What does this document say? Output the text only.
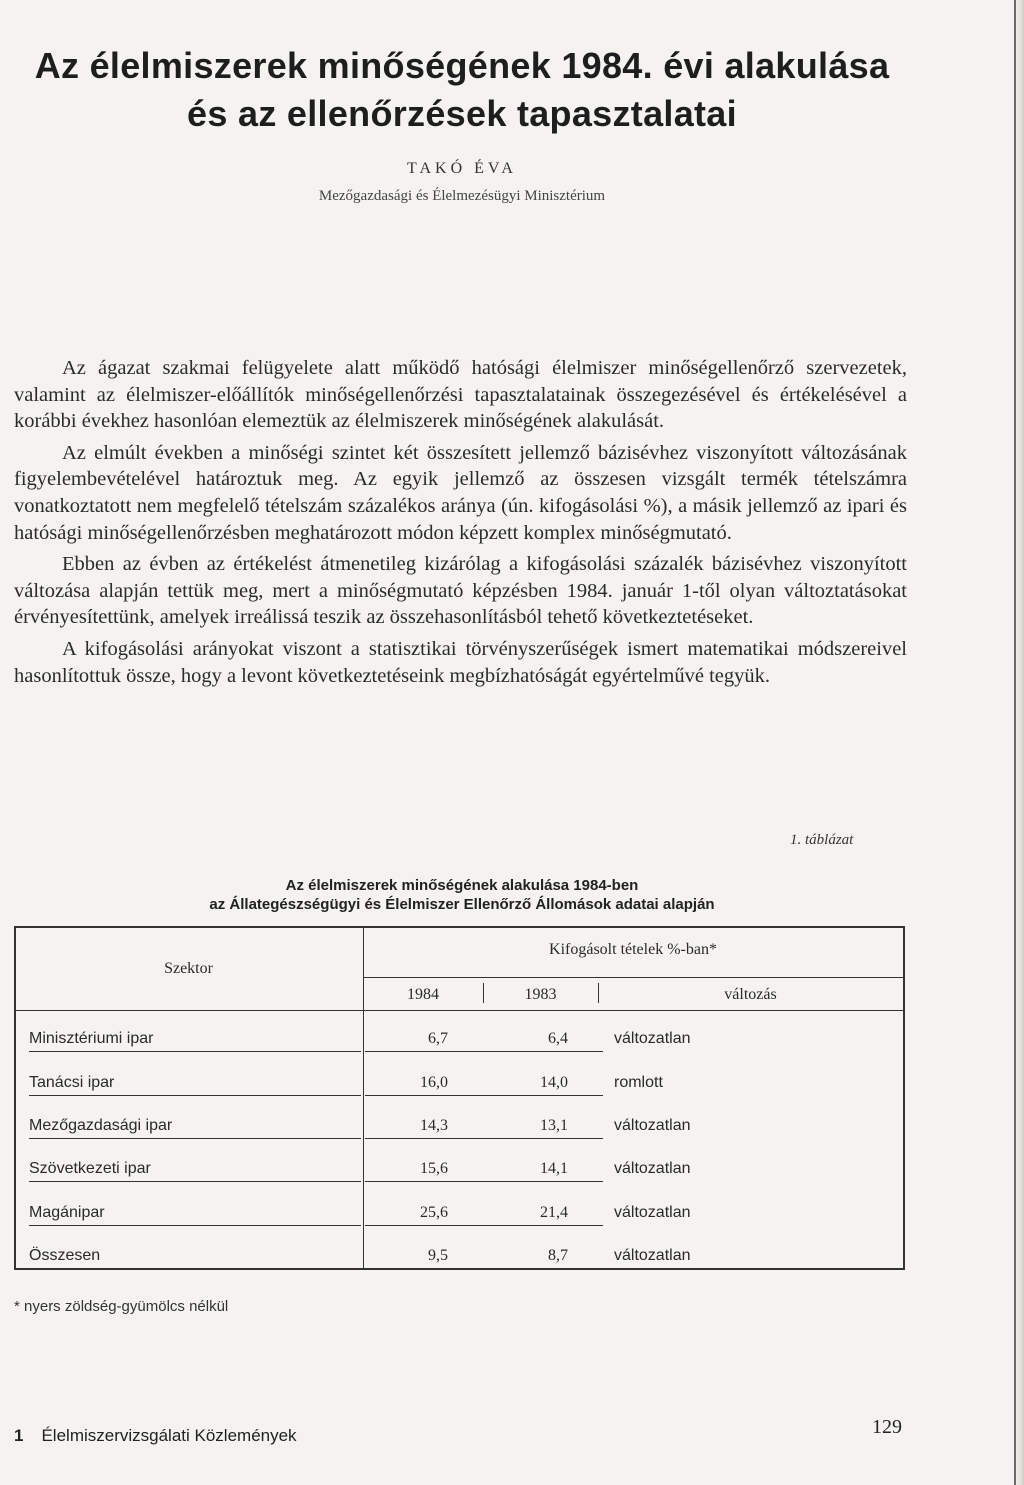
Az élelmiszerek minőségének 1984. évi alakulása
és az ellenőrzések tapasztalatai
TAKÓ ÉVA
Mezőgazdasági és Élelmezésügyi Minisztérium

Az ágazat szakmai felügyelete alatt működő hatósági élelmiszer minőségellenőrző szervezetek, valamint az élelmiszer-előállítók minőségellenőrzési tapasztalatainak összegezésével és értékelésével a korábbi évekhez hasonlóan elemeztük az élelmiszerek minőségének alakulását.

Az elmúlt években a minőségi szintet két összesített jellemző bázisévhez viszonyított változásának figyelembevételével határoztuk meg. Az egyik jellemző az összesen vizsgált termék tételszámra vonatkoztatott nem megfelelő tételszám százalékos aránya (ún. kifogásolási %), a másik jellemző az ipari és hatósági minőségellenőrzésben meghatározott módon képzett komplex minőségmutató.

Ebben az évben az értékelést átmenetileg kizárólag a kifogásolási százalék bázisévhez viszonyított változása alapján tettük meg, mert a minőségmutató képzésben 1984. január 1-től olyan változtatásokat érvényesítettünk, amelyek irreálissá teszik az összehasonlításból tehető következtetéseket.

A kifogásolási arányokat viszont a statisztikai törvényszerűségek ismert matematikai módszereivel hasonlítottuk össze, hogy a levont következtetéseink megbízhatóságát egyértelművé tegyük.

1. táblázat
Az élelmiszerek minőségének alakulása 1984-ben
az Állategészségügyi és Élelmiszer Ellenőrző Állomások adatai alapján
Szektor
Kifogásolt tételek %-ban*
1984	1983	változás
Minisztériumi ipar	6,7	6,4	változatlan
Tanácsi ipar	16,0	14,0	romlott
Mezőgazdasági ipar	14,3	13,1	változatlan
Szövetkezeti ipar	15,6	14,1	változatlan
Magánipar	25,6	21,4	változatlan
Összesen	9,5	8,7	változatlan
* nyers zöldség-gyümölcs nélkül
1 Élelmiszervizsgálati Közlemények	129
